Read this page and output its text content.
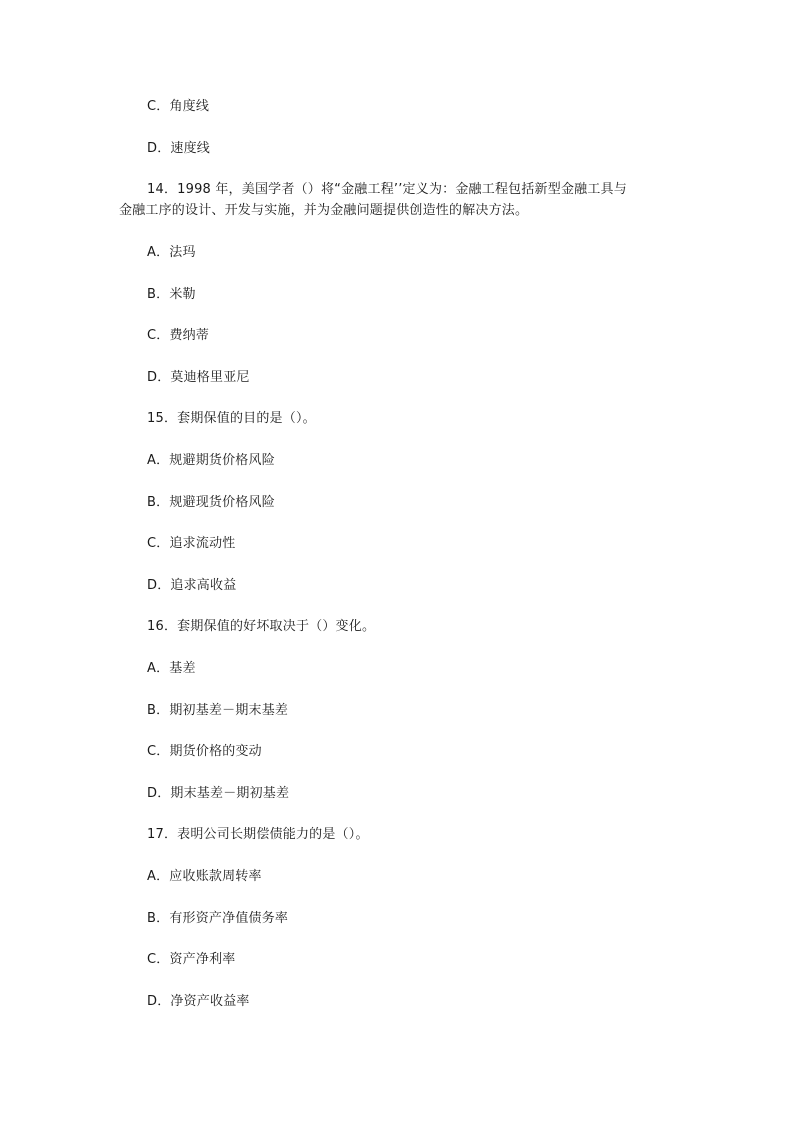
C．角度线
D．速度线
14．1998 年，美国学者（）将“金融工程’’定义为：金融工程包括新型金融工具与
金融工序的设计、开发与实施，并为金融问题提供创造性的解决方法。
A．法玛
B．米勒
C．费纳蒂
D．莫迪格里亚尼
15．套期保值的目的是（）。
A．规避期货价格风险
B．规避现货价格风险
C．追求流动性
D．追求高收益
16．套期保值的好坏取决于（）变化。
A．基差
B．期初基差－期末基差
C．期货价格的变动
D．期末基差－期初基差
17．表明公司长期偿债能力的是（）。
A．应收账款周转率
B．有形资产净值债务率
C．资产净利率
D．净资产收益率
